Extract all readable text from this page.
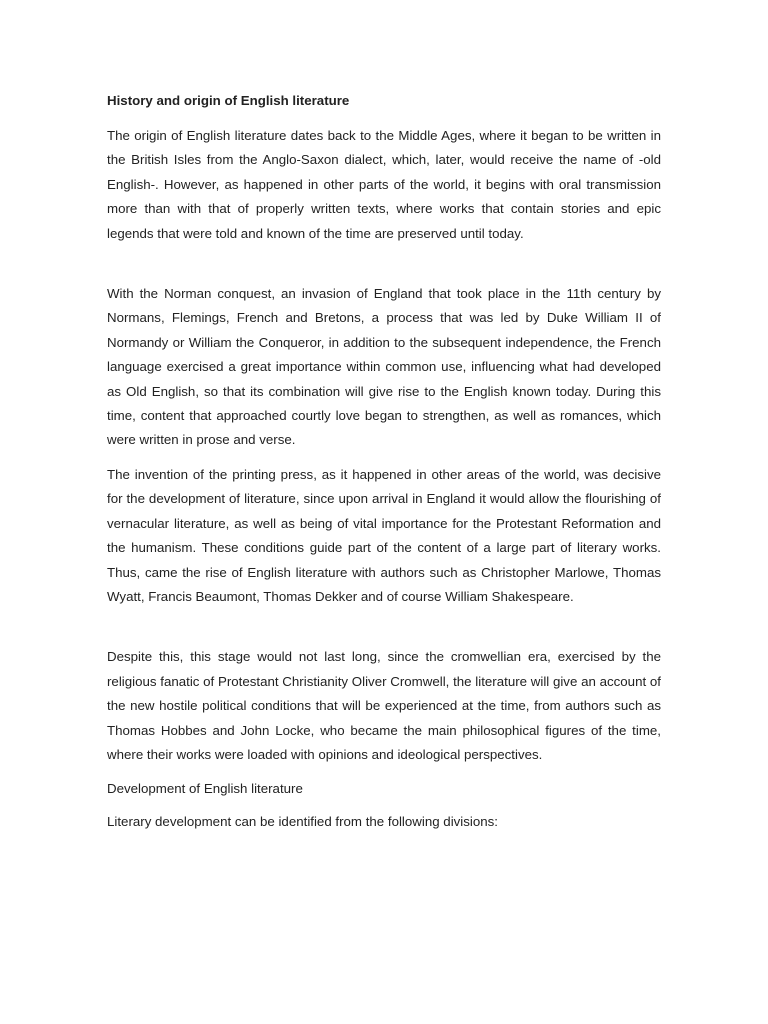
History and origin of English literature

The origin of English literature dates back to the Middle Ages, where it began to be written in the British Isles from the Anglo-Saxon dialect, which, later, would receive the name of -old English-. However, as happened in other parts of the world, it begins with oral transmission more than with that of properly written texts, where works that contain stories and epic legends that were told and known of the time are preserved until today.

With the Norman conquest, an invasion of England that took place in the 11th century by Normans, Flemings, French and Bretons, a process that was led by Duke William II of Normandy or William the Conqueror, in addition to the subsequent independence, the French language exercised a great importance within common use, influencing what had developed as Old English, so that its combination will give rise to the English known today. During this time, content that approached courtly love began to strengthen, as well as romances, which were written in prose and verse.

The invention of the printing press, as it happened in other areas of the world, was decisive for the development of literature, since upon arrival in England it would allow the flourishing of vernacular literature, as well as being of vital importance for the Protestant Reformation and the humanism. These conditions guide part of the content of a large part of literary works. Thus, came the rise of English literature with authors such as Christopher Marlowe, Thomas Wyatt, Francis Beaumont, Thomas Dekker and of course William Shakespeare.

Despite this, this stage would not last long, since the cromwellian era, exercised by the religious fanatic of Protestant Christianity Oliver Cromwell, the literature will give an account of the new hostile political conditions that will be experienced at the time, from authors such as Thomas Hobbes and John Locke, who became the main philosophical figures of the time, where their works were loaded with opinions and ideological perspectives.

Development of English literature
Literary development can be identified from the following divisions:
